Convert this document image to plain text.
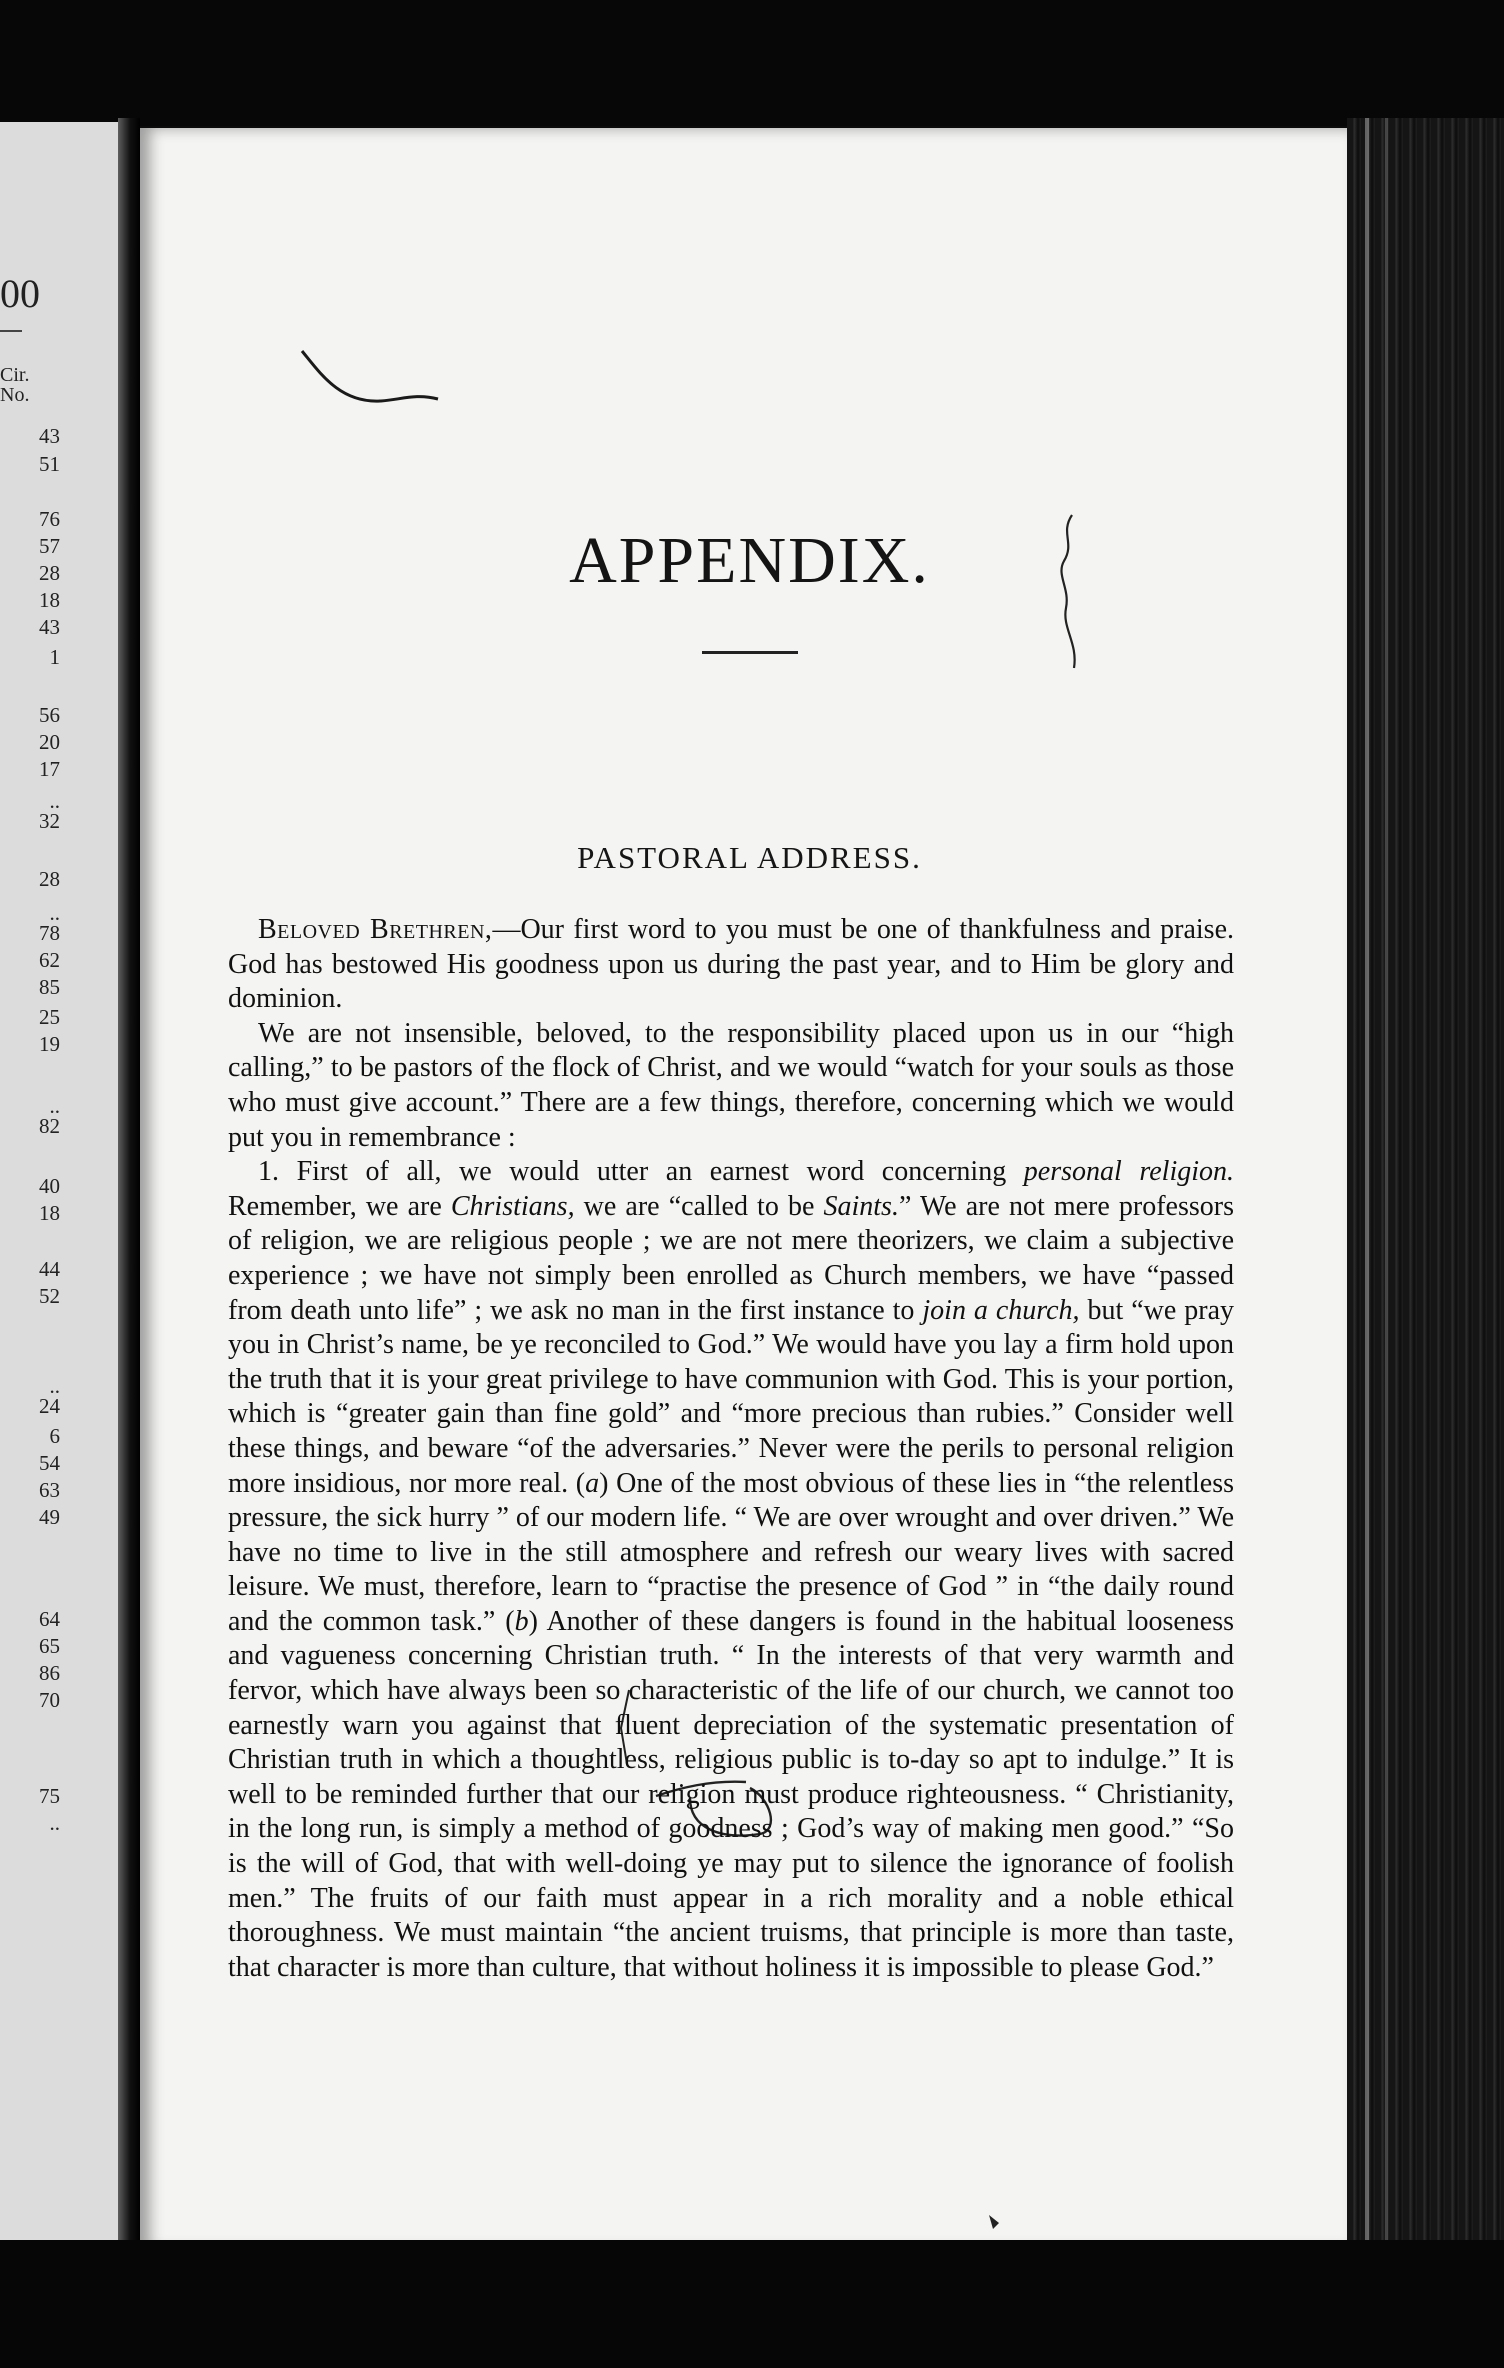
00
Cir.
No.
43
51
76
57
28
18
43
1
56
20
17
..
32
28
..
78
62
85
25
19
..
82
40
18
44
52
..
24
6
54
63
49
64
65
86
70
75
..
APPENDIX.
PASTORAL ADDRESS.

Beloved Brethren,—Our first word to you must be one of thankfulness and praise. God has bestowed His goodness upon us during the past year, and to Him be glory and dominion.

We are not insensible, beloved, to the responsibility placed upon us in our “high calling,” to be pastors of the flock of Christ, and we would “watch for your souls as those who must give account.” There are a few things, therefore, concerning which we would put you in remembrance :

1. First of all, we would utter an earnest word concerning personal religion. Remember, we are Christians, we are “called to be Saints.” We are not mere professors of religion, we are religious people ; we are not mere theorizers, we claim a subjective experience ; we have not simply been enrolled as Church members, we have “passed from death unto life” ; we ask no man in the first instance to join a church, but “we pray you in Christ’s name, be ye reconciled to God.” We would have you lay a firm hold upon the truth that it is your great privilege to have communion with God. This is your portion, which is “greater gain than fine gold” and “more precious than rubies.” Consider well these things, and beware “of the adversaries.” Never were the perils to personal religion more insidious, nor more real. (a) One of the most obvious of these lies in “the relentless pressure, the sick hurry ” of our modern life. “ We are over wrought and over driven.” We have no time to live in the still atmosphere and refresh our weary lives with sacred leisure. We must, therefore, learn to “practise the presence of God ” in “the daily round and the common task.” (b) Another of these dangers is found in the habitual looseness and vagueness concerning Christian truth. “ In the interests of that very warmth and fervor, which have always been so characteristic of the life of our church, we cannot too earnestly warn you against that fluent depreciation of the systematic presentation of Christian truth in which a thoughtless, religious public is to-day so apt to indulge.” It is well to be reminded further that our religion must produce righteousness. “ Christianity, in the long run, is simply a method of goodness ; God’s way of making men good.” “So is the will of God, that with well-doing ye may put to silence the ignorance of foolish men.” The fruits of our faith must appear in a rich morality and a noble ethical thoroughness. We must maintain “the ancient truisms, that principle is more than taste, that character is more than culture, that without holiness it is impossible to please God.”
